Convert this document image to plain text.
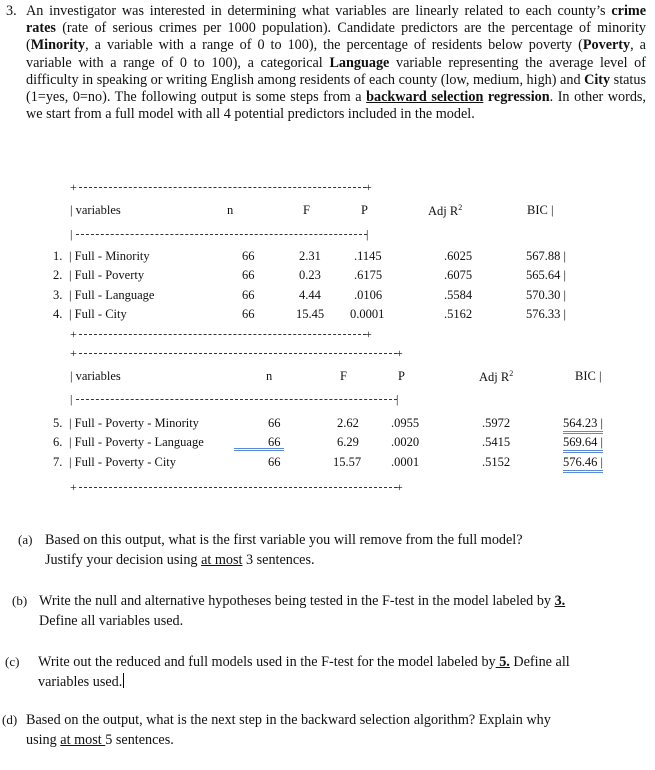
3. An investigator was interested in determining what variables are linearly related to each county’s crime rates (rate of serious crimes per 1000 population). Candidate predictors are the percentage of minority (Minority, a variable with a range of 0 to 100), the percentage of residents below poverty (Poverty, a variable with a range of 0 to 100), a categorical Language variable representing the average level of difficulty in speaking or writing English among residents of each county (low, medium, high) and City status (1=yes, 0=no). The following output is some steps from a backward selection regression. In other words, we start from a full model with all 4 potential predictors included in the model.
+	+
| variables	n	F	P	Adj $R^2$	BIC |
|	|
1. | Full - Minority	66	2.31	.1145	.6025	567.88 |
2. | Full - Poverty	66	0.23	.6175	.6075	565.64 |
3. | Full - Language	66	4.44	.0106	.5584	570.30 |
4. | Full - City	66	15.45 0.0001	.5162	576.33 |
+	+
+	+
| variables	n	F	P	Adj $R^2$	BIC |
|	|
5. | Full - Poverty - Minority	66	2.62	.0955	.5972	564.23 |
6. | Full - Poverty - Language	66	6.29	.0020	.5415	569.64 |
7. | Full - Poverty - City	66	15.57 .0001	.5152	576.46 |
+	+
(a) Based on this output, what is the first variable you will remove from the full model?
Justify your decision using at most 3 sentences.
(b) Write the null and alternative hypotheses being tested in the F-test in the model labeled by 3.
Define all variables used.
(c) Write out the reduced and full models used in the F-test for the model labeled by 5. Define all
variables used.
(d) Based on the output, what is the next step in the backward selection algorithm? Explain why
using at most 5 sentences.
